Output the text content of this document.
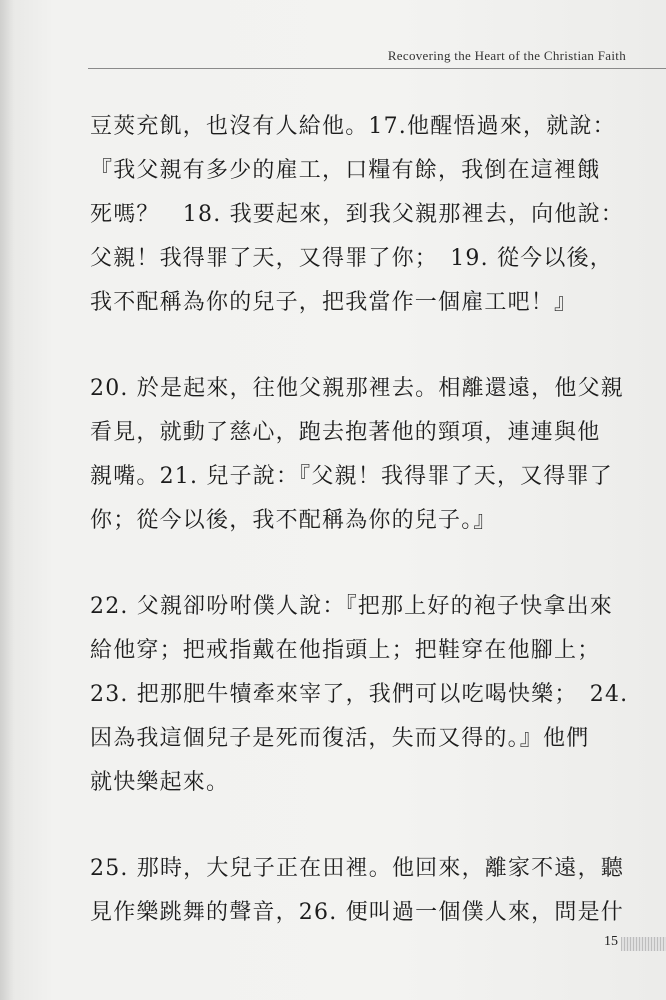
Recovering the Heart of the Christian Faith
豆莢充飢，也沒有人給他。17.他醒悟過來，就說：
『我父親有多少的雇工，口糧有餘，我倒在這裡餓
死嗎？　18. 我要起來，到我父親那裡去，向他說：
父親！我得罪了天，又得罪了你；　19. 從今以後，
我不配稱為你的兒子，把我當作一個雇工吧！』
20. 於是起來，往他父親那裡去。相離還遠，他父親
看見，就動了慈心，跑去抱著他的頸項，連連與他
親嘴。21. 兒子說：『父親！我得罪了天，又得罪了
你；從今以後，我不配稱為你的兒子。』
22. 父親卻吩咐僕人說：『把那上好的袍子快拿出來
給他穿；把戒指戴在他指頭上；把鞋穿在他腳上；
23. 把那肥牛犢牽來宰了，我們可以吃喝快樂；　24.
因為我這個兒子是死而復活，失而又得的。』他們
就快樂起來。
25. 那時，大兒子正在田裡。他回來，離家不遠，聽
見作樂跳舞的聲音，26. 便叫過一個僕人來，問是什
15
